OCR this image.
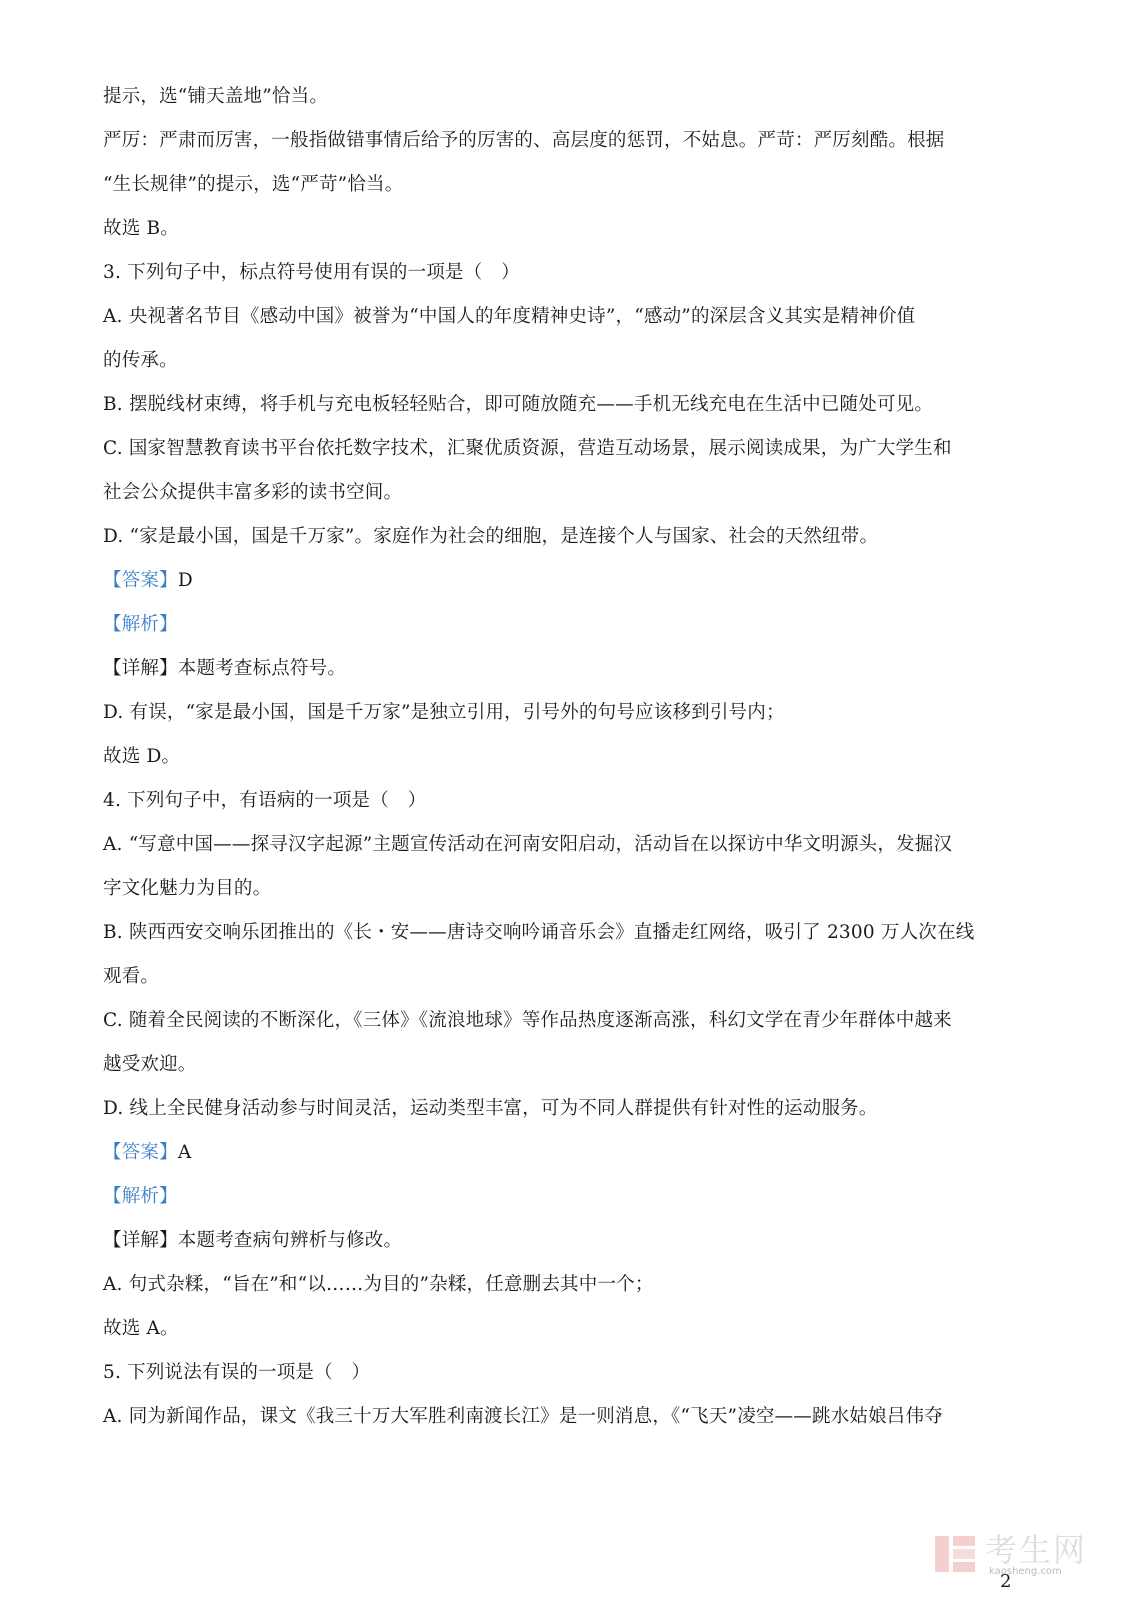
提示，选“铺天盖地”恰当。
严厉：严肃而厉害，一般指做错事情后给予的厉害的、高层度的惩罚，不姑息。严苛：严厉刻酷。根据
“生长规律”的提示，选“严苛”恰当。
故选 B。
3. 下列句子中，标点符号使用有误的一项是（　）
A. 央视著名节目《感动中国》被誉为“中国人的年度精神史诗”，“感动”的深层含义其实是精神价值
的传承。
B. 摆脱线材束缚，将手机与充电板轻轻贴合，即可随放随充——手机无线充电在生活中已随处可见。
C. 国家智慧教育读书平台依托数字技术，汇聚优质资源，营造互动场景，展示阅读成果，为广大学生和
社会公众提供丰富多彩的读书空间。
D. “家是最小国，国是千万家”。家庭作为社会的细胞，是连接个人与国家、社会的天然纽带。
【答案】D
【解析】
【详解】本题考查标点符号。
D. 有误，“家是最小国，国是千万家”是独立引用，引号外的句号应该移到引号内；
故选 D。
4. 下列句子中，有语病的一项是（　）
A. “写意中国——探寻汉字起源”主题宣传活动在河南安阳启动，活动旨在以探访中华文明源头，发掘汉
字文化魅力为目的。
B. 陕西西安交响乐团推出的《长・安——唐诗交响吟诵音乐会》直播走红网络，吸引了 2300 万人次在线
观看。
C. 随着全民阅读的不断深化，《三体》《流浪地球》等作品热度逐渐高涨，科幻文学在青少年群体中越来
越受欢迎。
D. 线上全民健身活动参与时间灵活，运动类型丰富，可为不同人群提供有针对性的运动服务。
【答案】A
【解析】
【详解】本题考查病句辨析与修改。
A. 句式杂糅，“旨在”和“以……为目的”杂糅，任意删去其中一个；
故选 A。
5. 下列说法有误的一项是（　）
A. 同为新闻作品，课文《我三十万大军胜利南渡长江》是一则消息，《“飞天”凌空——跳水姑娘吕伟夺
考生网
kaosheng.com
2
